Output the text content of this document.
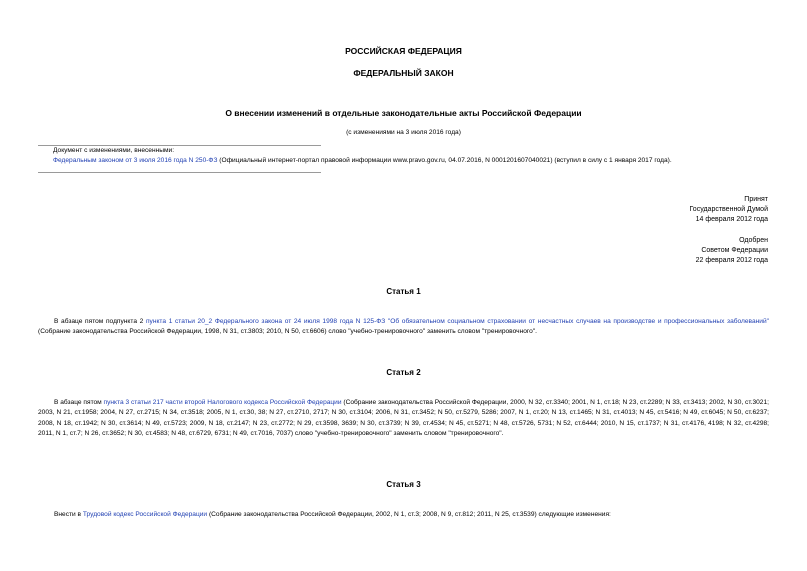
РОССИЙСКАЯ ФЕДЕРАЦИЯ
ФЕДЕРАЛЬНЫЙ ЗАКОН
О внесении изменений в отдельные законодательные акты Российской Федерации
(с изменениями на 3 июля 2016 года)
Документ с изменениями, внесенными:
Федеральным законом от 3 июля 2016 года N 250-ФЗ (Официальный интернет-портал правовой информации www.pravo.gov.ru, 04.07.2016, N 0001201607040021) (вступил в силу с 1 января 2017 года).
Принят
Государственной Думой
14 февраля 2012 года
Одобрен
Советом Федерации
22 февраля 2012 года
Статья 1
В абзаце пятом подпункта 2 пункта 1 статьи 20_2 Федерального закона от 24 июля 1998 года N 125-ФЗ "Об обязательном социальном страховании от несчастных случаев на производстве и профессиональных заболеваний" (Собрание законодательства Российской Федерации, 1998, N 31, ст.3803; 2010, N 50, ст.6606) слово "учебно-тренировочного" заменить словом "тренировочного".
Статья 2
В абзаце пятом пункта 3 статьи 217 части второй Налогового кодекса Российской Федерации (Собрание законодательства Российской Федерации, 2000, N 32, ст.3340; 2001, N 1, ст.18; N 23, ст.2289; N 33, ст.3413; 2002, N 30, ст.3021; 2003, N 21, ст.1958; 2004, N 27, ст.2715; N 34, ст.3518; 2005, N 1, ст.30, 38; N 27, ст.2710, 2717; N 30, ст.3104; 2006, N 31, ст.3452; N 50, ст.5279, 5286; 2007, N 1, ст.20; N 13, ст.1465; N 31, ст.4013; N 45, ст.5416; N 49, ст.6045; N 50, ст.6237; 2008, N 18, ст.1942; N 30, ст.3614; N 49, ст.5723; 2009, N 18, ст.2147; N 23, ст.2772; N 29, ст.3598, 3639; N 30, ст.3739; N 39, ст.4534; N 45, ст.5271; N 48, ст.5726, 5731; N 52, ст.6444; 2010, N 15, ст.1737; N 31, ст.4176, 4198; N 32, ст.4298; 2011, N 1, ст.7; N 26, ст.3652; N 30, ст.4583; N 48, ст.6729, 6731; N 49, ст.7016, 7037) слово "учебно-тренировочного" заменить словом "тренировочного".
Статья 3
Внести в Трудовой кодекс Российской Федерации (Собрание законодательства Российской Федерации, 2002, N 1, ст.3; 2008, N 9, ст.812; 2011, N 25, ст.3539) следующие изменения:
